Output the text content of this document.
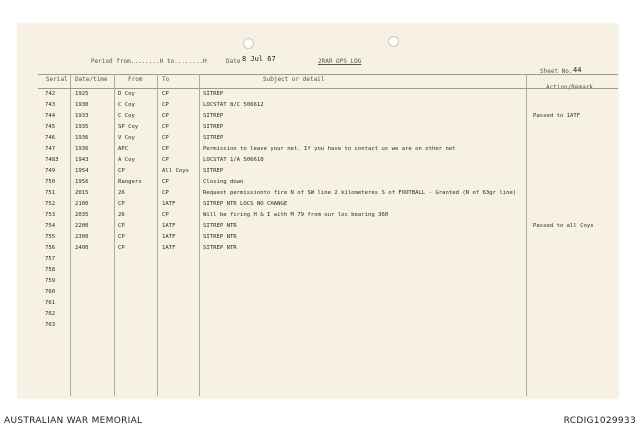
Period from........H to........H	Date 8 Jul 67	2RAR OPS LOG
Sheet No. 44
Serial Date/time	From	To	Subject or detail
Action/Remark
742	1925	D Coy	CP	SITREP
743	1930	C Coy	CP	LOCSTAT 8/C 506612
744	1933	C Coy	CP	SITREP	Passed to 1ATF
745	1935	SP Coy	CP	SITREP
746	1936	V Coy	CP	SITREP
747	1936	APC	CP	Permission to leave your net. If you have to contact us we are on other net
7483	1943	A Coy	CP	LOCSTAT 1/A 506610
749	1954	CP	All Coys	SITREP
750	1956	Rangers	CP	Closing down
751	2015	26	CP	Request permissionto fire N of SW line 2 kilometeres S of FOOTBALL - Granted (N of 63gr line)
752	2100	CP	1ATF	SITREP NTR LOCS NO CHANGE
753	2035	26	CP	Will be firing H & I with M 79 from our loc bearing 360
754	2200	CP	1ATF	SITREP NTR	Passed to all Coys
755	2300	CP	1ATF	SITREP NTR
756	2400	CP	1ATF	SITREP NTR
757
758
759
760
761
762
763
AUSTRALIAN WAR MEMORIAL	RCDIG1029933
